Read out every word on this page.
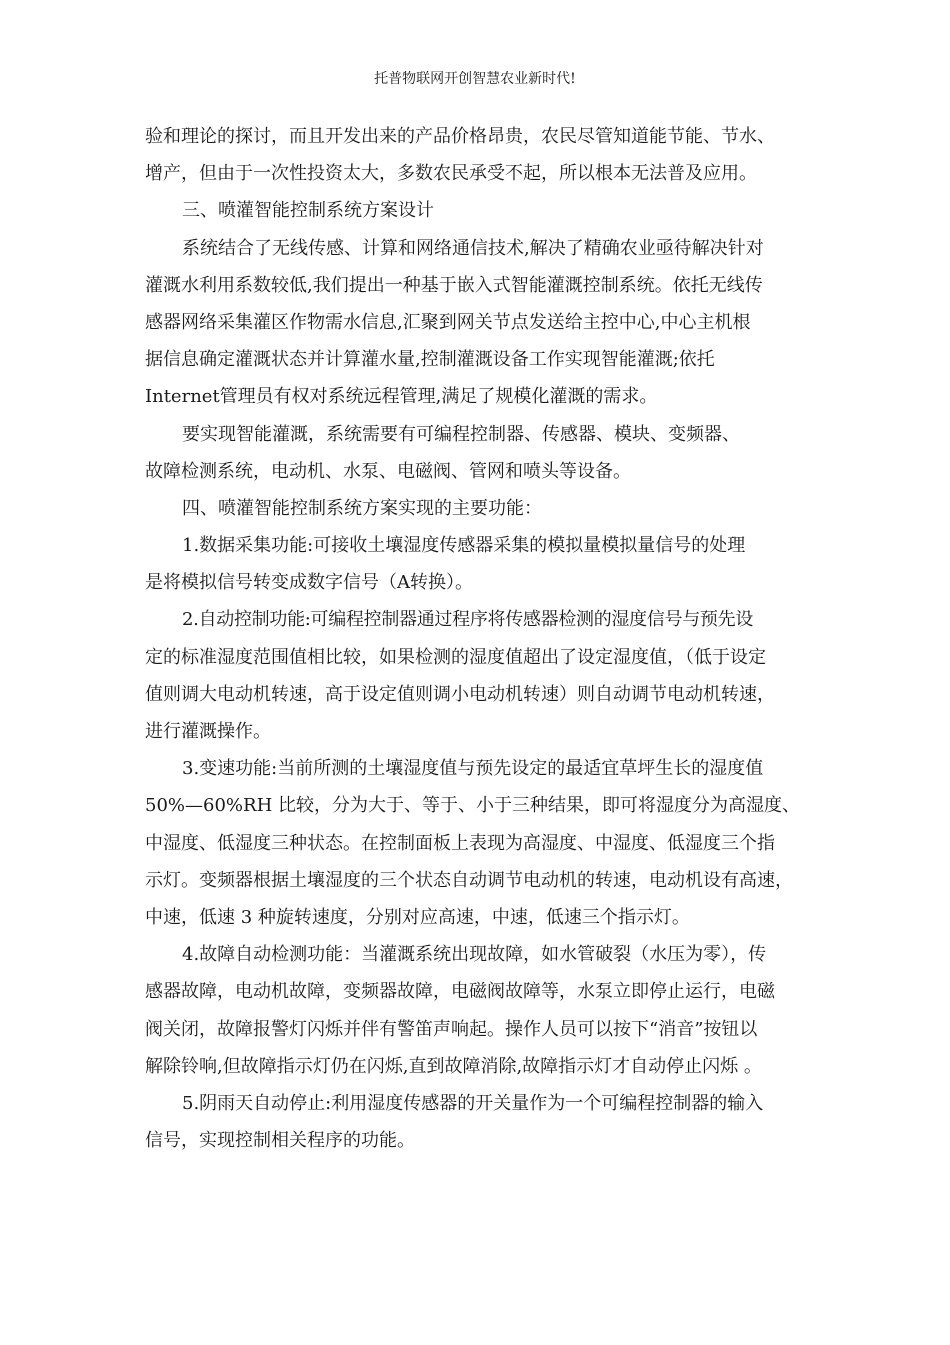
托普物联网开创智慧农业新时代!
验和理论的探讨，而且开发出来的产品价格昂贵，农民尽管知道能节能、节水、
增产，但由于一次性投资太大，多数农民承受不起，所以根本无法普及应用。
三、喷灌智能控制系统方案设计
系统结合了无线传感、计算和网络通信技术,解决了精确农业亟待解决针对
灌溉水利用系数较低,我们提出一种基于嵌入式智能灌溉控制系统。依托无线传
感器网络采集灌区作物需水信息,汇聚到网关节点发送给主控中心,中心主机根
据信息确定灌溉状态并计算灌水量,控制灌溉设备工作实现智能灌溉;依托
Internet管理员有权对系统远程管理,满足了规模化灌溉的需求。
要实现智能灌溉，系统需要有可编程控制器、传感器、模块、变频器、
故障检测系统，电动机、水泵、电磁阀、管网和喷头等设备。
四、喷灌智能控制系统方案实现的主要功能：
1.数据采集功能:可接收土壤湿度传感器采集的模拟量模拟量信号的处理
是将模拟信号转变成数字信号（A转换）。
2.自动控制功能:可编程控制器通过程序将传感器检测的湿度信号与预先设
定的标准湿度范围值相比较，如果检测的湿度值超出了设定湿度值，（低于设定
值则调大电动机转速，高于设定值则调小电动机转速）则自动调节电动机转速，
进行灌溉操作。
3.变速功能:当前所测的土壤湿度值与预先设定的最适宜草坪生长的湿度值
50%—60%RH 比较，分为大于、等于、小于三种结果，即可将湿度分为高湿度、
中湿度、低湿度三种状态。在控制面板上表现为高湿度、中湿度、低湿度三个指
示灯。变频器根据土壤湿度的三个状态自动调节电动机的转速，电动机设有高速，
中速，低速 3 种旋转速度，分别对应高速，中速，低速三个指示灯。
4.故障自动检测功能：当灌溉系统出现故障，如水管破裂（水压为零），传
感器故障，电动机故障，变频器故障，电磁阀故障等，水泵立即停止运行，电磁
阀关闭，故障报警灯闪烁并伴有警笛声响起。操作人员可以按下“消音”按钮以
解除铃响,但故障指示灯仍在闪烁,直到故障消除,故障指示灯才自动停止闪烁 。
5.阴雨天自动停止:利用湿度传感器的开关量作为一个可编程控制器的输入
信号，实现控制相关程序的功能。
